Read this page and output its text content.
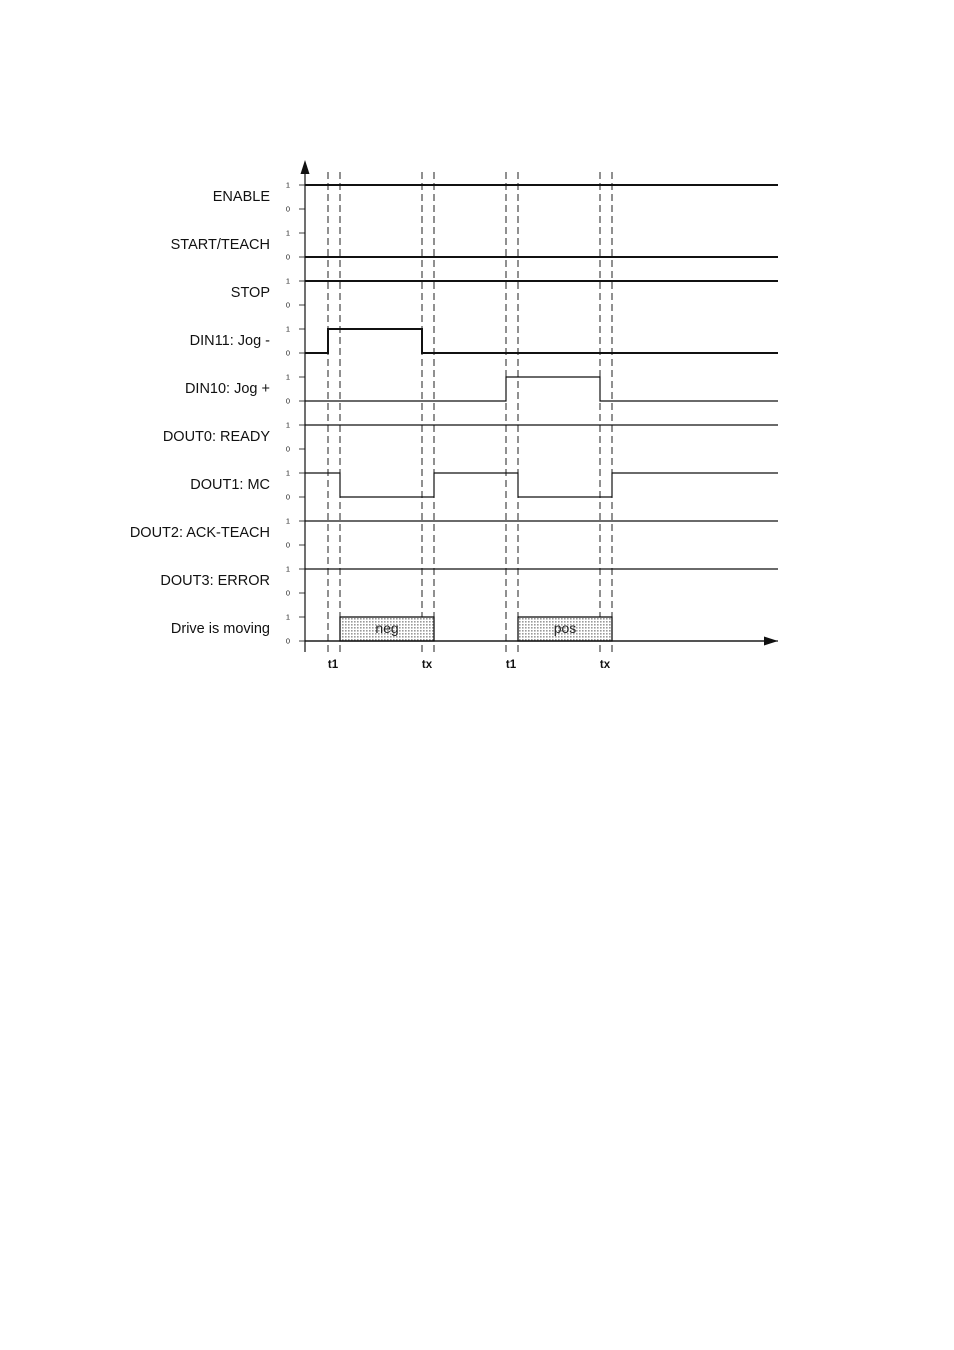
neg	pos
ENABLE
START/TEACH
STOP
DIN11: Jog -
DIN10: Jog +
DOUT0: READY
DOUT1: MC
DOUT2: ACK-TEACH
DOUT3: ERROR
Drive is moving
1
0
1
0
1
0
1
0
1
0
1
0
1
0
1
0
1
0
1
0
t1	tx	t1	tx
